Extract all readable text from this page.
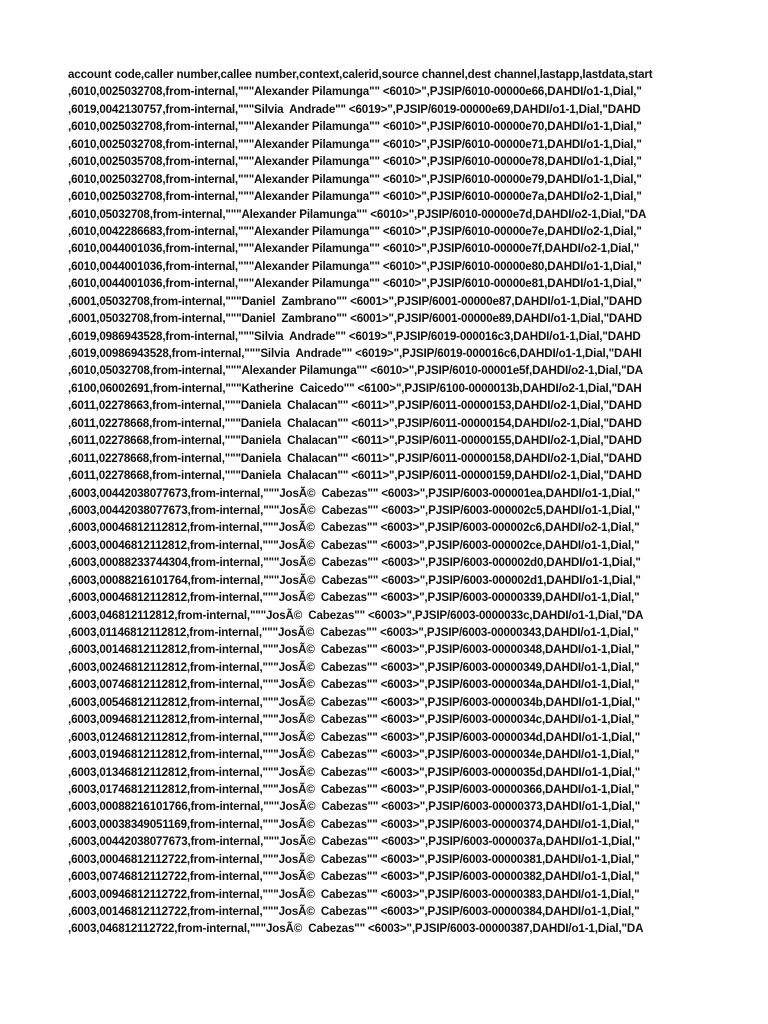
account code,caller number,callee number,context,calerid,source channel,dest channel,lastapp,lastdata,start
,6010,0025032708,from-internal,"""Alexander Pilamunga"" <6010>",PJSIP/6010-00000e66,DAHDI/o1-1,Dial,"
,6019,0042130757,from-internal,"""Silvia  Andrade"" <6019>",PJSIP/6019-00000e69,DAHDI/o1-1,Dial,"DAHD
,6010,0025032708,from-internal,"""Alexander Pilamunga"" <6010>",PJSIP/6010-00000e70,DAHDI/o1-1,Dial,"
,6010,0025032708,from-internal,"""Alexander Pilamunga"" <6010>",PJSIP/6010-00000e71,DAHDI/o1-1,Dial,"
,6010,0025035708,from-internal,"""Alexander Pilamunga"" <6010>",PJSIP/6010-00000e78,DAHDI/o1-1,Dial,"
,6010,0025032708,from-internal,"""Alexander Pilamunga"" <6010>",PJSIP/6010-00000e79,DAHDI/o1-1,Dial,"
,6010,0025032708,from-internal,"""Alexander Pilamunga"" <6010>",PJSIP/6010-00000e7a,DAHDI/o2-1,Dial,"
,6010,05032708,from-internal,"""Alexander Pilamunga"" <6010>",PJSIP/6010-00000e7d,DAHDI/o2-1,Dial,"DA
,6010,0042286683,from-internal,"""Alexander Pilamunga"" <6010>",PJSIP/6010-00000e7e,DAHDI/o2-1,Dial,"
,6010,0044001036,from-internal,"""Alexander Pilamunga"" <6010>",PJSIP/6010-00000e7f,DAHDI/o2-1,Dial,"
,6010,0044001036,from-internal,"""Alexander Pilamunga"" <6010>",PJSIP/6010-00000e80,DAHDI/o1-1,Dial,"
,6010,0044001036,from-internal,"""Alexander Pilamunga"" <6010>",PJSIP/6010-00000e81,DAHDI/o1-1,Dial,"
,6001,05032708,from-internal,"""Daniel  Zambrano"" <6001>",PJSIP/6001-00000e87,DAHDI/o1-1,Dial,"DAHD
,6001,05032708,from-internal,"""Daniel  Zambrano"" <6001>",PJSIP/6001-00000e89,DAHDI/o1-1,Dial,"DAHD
,6019,0986943528,from-internal,"""Silvia  Andrade"" <6019>",PJSIP/6019-000016c3,DAHDI/o1-1,Dial,"DAHD
,6019,00986943528,from-internal,"""Silvia  Andrade"" <6019>",PJSIP/6019-000016c6,DAHDI/o1-1,Dial,"DAHI
,6010,05032708,from-internal,"""Alexander Pilamunga"" <6010>",PJSIP/6010-00001e5f,DAHDI/o2-1,Dial,"DA
,6100,06002691,from-internal,"""Katherine  Caicedo"" <6100>",PJSIP/6100-0000013b,DAHDI/o2-1,Dial,"DAH
,6011,02278663,from-internal,"""Daniela  Chalacan"" <6011>",PJSIP/6011-00000153,DAHDI/o2-1,Dial,"DAHD
,6011,02278668,from-internal,"""Daniela  Chalacan"" <6011>",PJSIP/6011-00000154,DAHDI/o2-1,Dial,"DAHD
,6011,02278668,from-internal,"""Daniela  Chalacan"" <6011>",PJSIP/6011-00000155,DAHDI/o2-1,Dial,"DAHD
,6011,02278668,from-internal,"""Daniela  Chalacan"" <6011>",PJSIP/6011-00000158,DAHDI/o2-1,Dial,"DAHD
,6011,02278668,from-internal,"""Daniela  Chalacan"" <6011>",PJSIP/6011-00000159,DAHDI/o2-1,Dial,"DAHD
,6003,00442038077673,from-internal,"""JosÃ©  Cabezas"" <6003>",PJSIP/6003-000001ea,DAHDI/o1-1,Dial,"
,6003,00442038077673,from-internal,"""JosÃ©  Cabezas"" <6003>",PJSIP/6003-000002c5,DAHDI/o1-1,Dial,"
,6003,00046812112812,from-internal,"""JosÃ©  Cabezas"" <6003>",PJSIP/6003-000002c6,DAHDI/o2-1,Dial,"
,6003,00046812112812,from-internal,"""JosÃ©  Cabezas"" <6003>",PJSIP/6003-000002ce,DAHDI/o1-1,Dial,"
,6003,00088233744304,from-internal,"""JosÃ©  Cabezas"" <6003>",PJSIP/6003-000002d0,DAHDI/o1-1,Dial,"
,6003,00088216101764,from-internal,"""JosÃ©  Cabezas"" <6003>",PJSIP/6003-000002d1,DAHDI/o1-1,Dial,"
,6003,00046812112812,from-internal,"""JosÃ©  Cabezas"" <6003>",PJSIP/6003-00000339,DAHDI/o1-1,Dial,"
,6003,046812112812,from-internal,"""JosÃ©  Cabezas"" <6003>",PJSIP/6003-0000033c,DAHDI/o1-1,Dial,"DA
,6003,01146812112812,from-internal,"""JosÃ©  Cabezas"" <6003>",PJSIP/6003-00000343,DAHDI/o1-1,Dial,"
,6003,00146812112812,from-internal,"""JosÃ©  Cabezas"" <6003>",PJSIP/6003-00000348,DAHDI/o1-1,Dial,"
,6003,00246812112812,from-internal,"""JosÃ©  Cabezas"" <6003>",PJSIP/6003-00000349,DAHDI/o1-1,Dial,"
,6003,00746812112812,from-internal,"""JosÃ©  Cabezas"" <6003>",PJSIP/6003-0000034a,DAHDI/o1-1,Dial,"
,6003,00546812112812,from-internal,"""JosÃ©  Cabezas"" <6003>",PJSIP/6003-0000034b,DAHDI/o1-1,Dial,"
,6003,00946812112812,from-internal,"""JosÃ©  Cabezas"" <6003>",PJSIP/6003-0000034c,DAHDI/o1-1,Dial,"
,6003,01246812112812,from-internal,"""JosÃ©  Cabezas"" <6003>",PJSIP/6003-0000034d,DAHDI/o1-1,Dial,"
,6003,01946812112812,from-internal,"""JosÃ©  Cabezas"" <6003>",PJSIP/6003-0000034e,DAHDI/o1-1,Dial,"
,6003,01346812112812,from-internal,"""JosÃ©  Cabezas"" <6003>",PJSIP/6003-0000035d,DAHDI/o1-1,Dial,"
,6003,01746812112812,from-internal,"""JosÃ©  Cabezas"" <6003>",PJSIP/6003-00000366,DAHDI/o1-1,Dial,"
,6003,00088216101766,from-internal,"""JosÃ©  Cabezas"" <6003>",PJSIP/6003-00000373,DAHDI/o1-1,Dial,"
,6003,00038349051169,from-internal,"""JosÃ©  Cabezas"" <6003>",PJSIP/6003-00000374,DAHDI/o1-1,Dial,"
,6003,00442038077673,from-internal,"""JosÃ©  Cabezas"" <6003>",PJSIP/6003-0000037a,DAHDI/o1-1,Dial,"
,6003,00046812112722,from-internal,"""JosÃ©  Cabezas"" <6003>",PJSIP/6003-00000381,DAHDI/o1-1,Dial,"
,6003,00746812112722,from-internal,"""JosÃ©  Cabezas"" <6003>",PJSIP/6003-00000382,DAHDI/o1-1,Dial,"
,6003,00946812112722,from-internal,"""JosÃ©  Cabezas"" <6003>",PJSIP/6003-00000383,DAHDI/o1-1,Dial,"
,6003,00146812112722,from-internal,"""JosÃ©  Cabezas"" <6003>",PJSIP/6003-00000384,DAHDI/o1-1,Dial,"
,6003,046812112722,from-internal,"""JosÃ©  Cabezas"" <6003>",PJSIP/6003-00000387,DAHDI/o1-1,Dial,"DA
